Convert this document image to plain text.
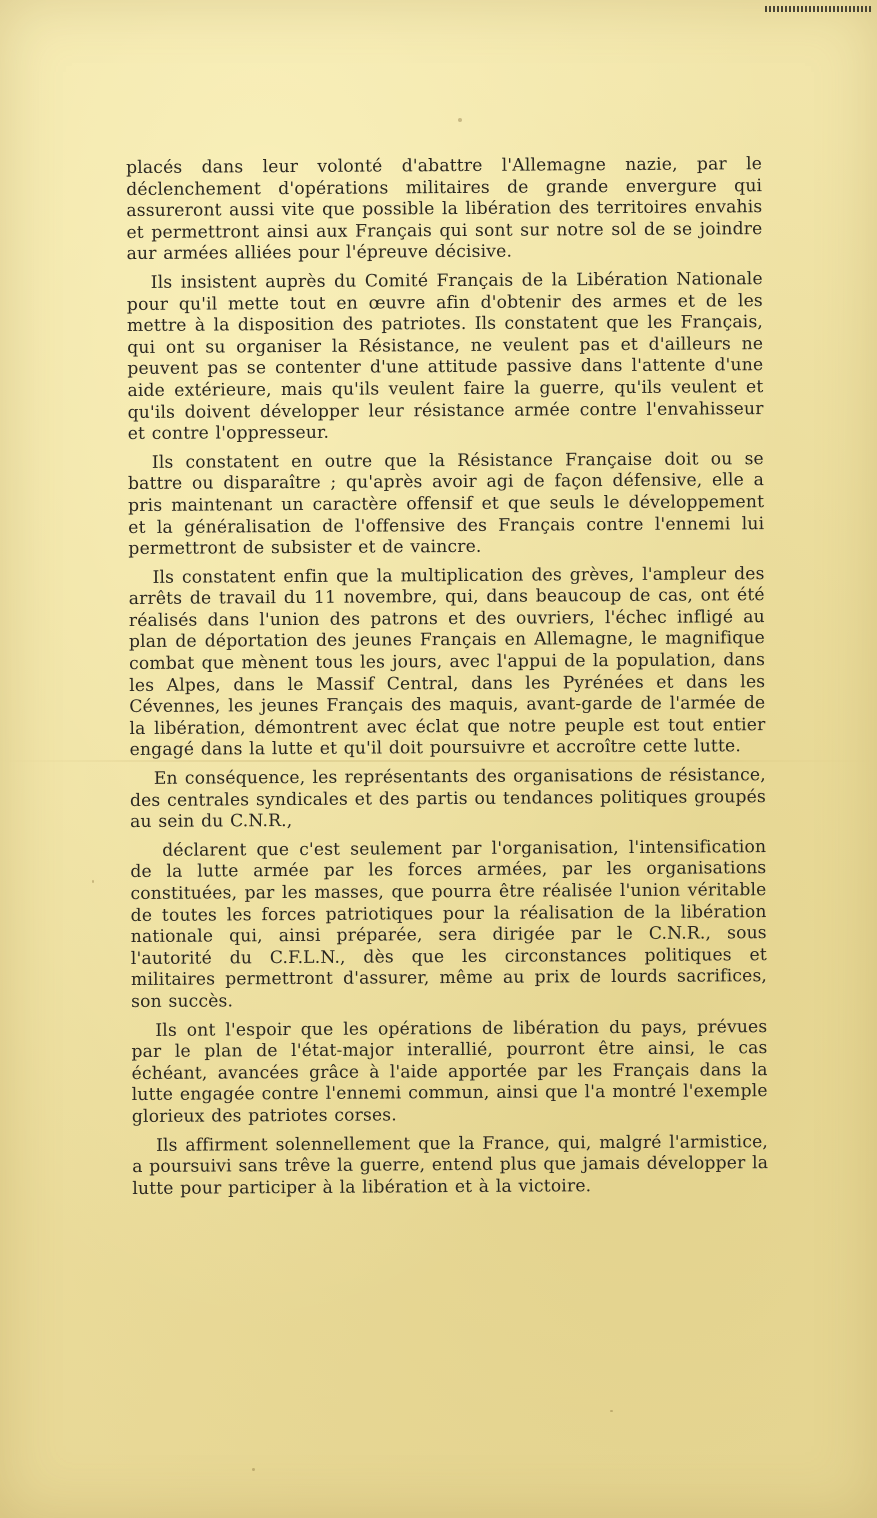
placés dans leur volonté d'abattre l'Allemagne nazie, par le déclenchement d'opérations militaires de grande envergure qui assureront aussi vite que possible la libération des territoires envahis et permettront ainsi aux Français qui sont sur notre sol de se joindre aur armées alliées pour l'épreuve décisive.

Ils insistent auprès du Comité Français de la Libération Nationale pour qu'il mette tout en œuvre afin d'obtenir des armes et de les mettre à la disposition des patriotes. Ils constatent que les Français, qui ont su organiser la Résistance, ne veulent pas et d'ailleurs ne peuvent pas se contenter d'une attitude passive dans l'attente d'une aide extérieure, mais qu'ils veulent faire la guerre, qu'ils veulent et qu'ils doivent développer leur résistance armée contre l'envahisseur et contre l'oppresseur.

Ils constatent en outre que la Résistance Française doit ou se battre ou disparaître ; qu'après avoir agi de façon défensive, elle a pris maintenant un caractère offensif et que seuls le développement et la généralisation de l'offensive des Français contre l'ennemi lui permettront de subsister et de vaincre.

Ils constatent enfin que la multiplication des grèves, l'ampleur des arrêts de travail du 11 novembre, qui, dans beaucoup de cas, ont été réalisés dans l'union des patrons et des ouvriers, l'échec infligé au plan de déportation des jeunes Français en Allemagne, le magnifique combat que mènent tous les jours, avec l'appui de la population, dans les Alpes, dans le Massif Central, dans les Pyrénées et dans les Cévennes, les jeunes Français des maquis, avant-garde de l'armée de la libération, démontrent avec éclat que notre peuple est tout entier engagé dans la lutte et qu'il doit poursuivre et accroître cette lutte.

En conséquence, les représentants des organisations de résistance, des centrales syndicales et des partis ou tendances politiques groupés au sein du C.N.R.,

déclarent que c'est seulement par l'organisation, l'intensification de la lutte armée par les forces armées, par les organisations constituées, par les masses, que pourra être réalisée l'union véritable de toutes les forces patriotiques pour la réalisation de la libération nationale qui, ainsi préparée, sera dirigée par le C.N.R., sous l'autorité du C.F.L.N., dès que les circonstances politiques et militaires permettront d'assurer, même au prix de lourds sacrifices, son succès.

Ils ont l'espoir que les opérations de libération du pays, prévues par le plan de l'état-major interallié, pourront être ainsi, le cas échéant, avancées grâce à l'aide apportée par les Français dans la lutte engagée contre l'ennemi commun, ainsi que l'a montré l'exemple glorieux des patriotes corses.

Ils affirment solennellement que la France, qui, malgré l'armistice, a poursuivi sans trêve la guerre, entend plus que jamais développer la lutte pour participer à la libération et à la victoire.
